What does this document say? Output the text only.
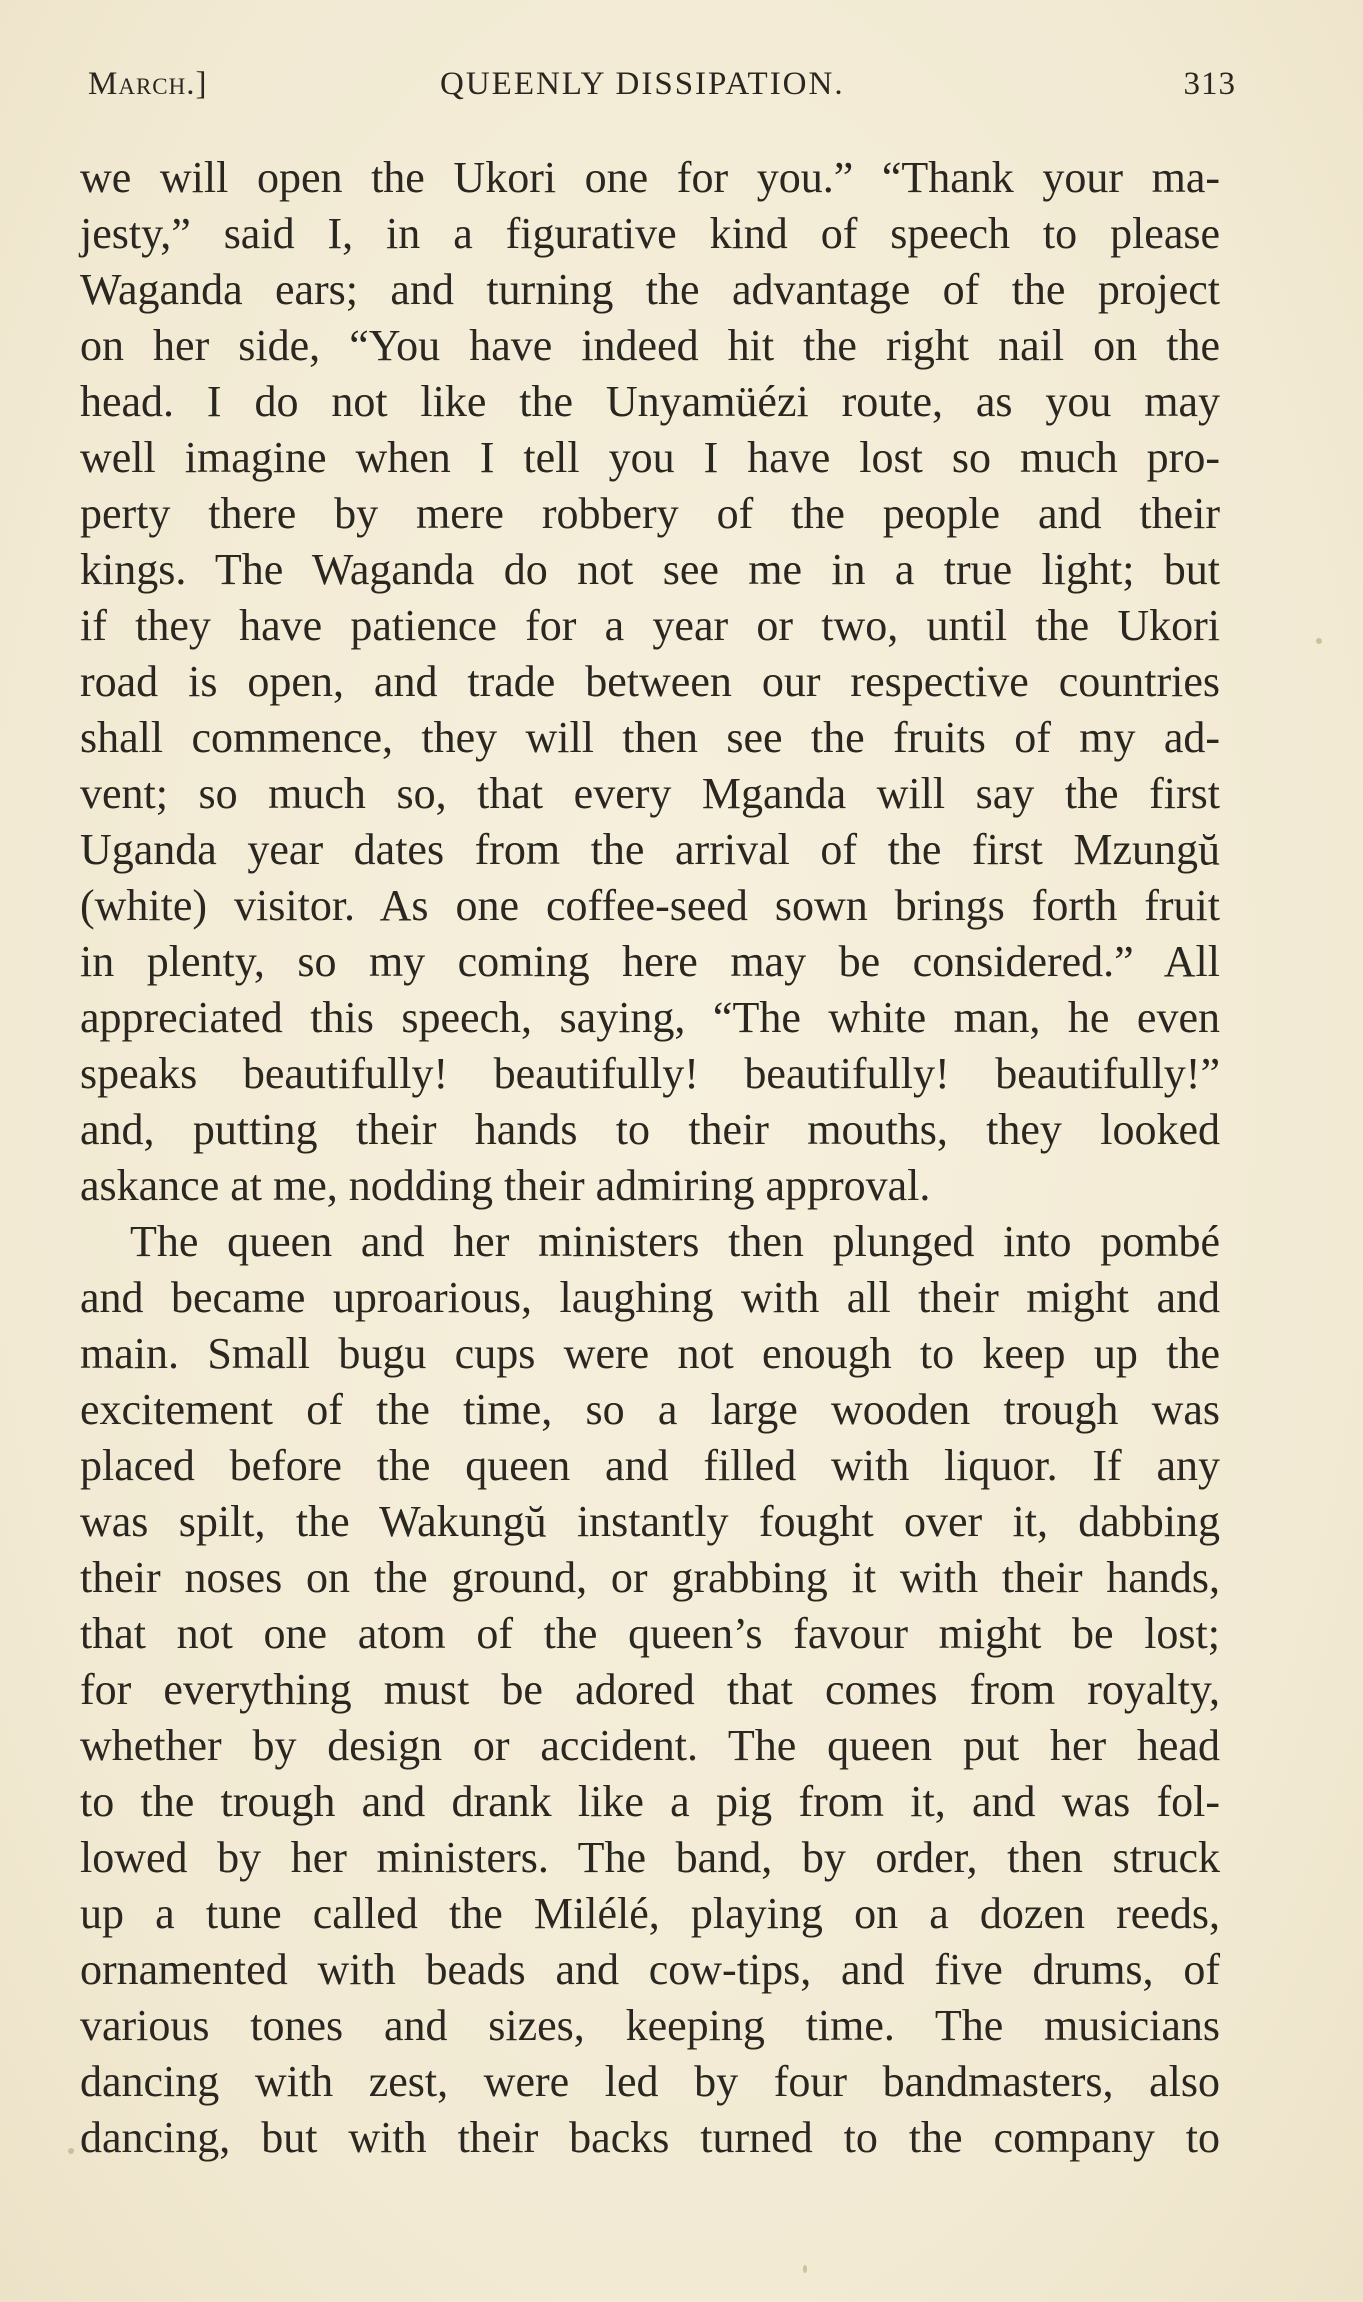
March.]	QUEENLY DISSIPATION.	313
we will open the Ukori one for you.” “Thank your ma-
jesty,” said I, in a figurative kind of speech to please
Waganda ears; and turning the advantage of the project
on her side, “You have indeed hit the right nail on the
head. I do not like the Unyamüézi route, as you may
well imagine when I tell you I have lost so much pro-
perty there by mere robbery of the people and their
kings. The Waganda do not see me in a true light; but
if they have patience for a year or two, until the Ukori
road is open, and trade between our respective countries
shall commence, they will then see the fruits of my ad-
vent; so much so, that every Mganda will say the first
Uganda year dates from the arrival of the first Mzungŭ
(white) visitor. As one coffee-seed sown brings forth fruit
in plenty, so my coming here may be considered.” All
appreciated this speech, saying, “The white man, he even
speaks beautifully! beautifully! beautifully! beautifully!”
and, putting their hands to their mouths, they looked
askance at me, nodding their admiring approval.
The queen and her ministers then plunged into pombé
and became uproarious, laughing with all their might and
main. Small bugu cups were not enough to keep up the
excitement of the time, so a large wooden trough was
placed before the queen and filled with liquor. If any
was spilt, the Wakungŭ instantly fought over it, dabbing
their noses on the ground, or grabbing it with their hands,
that not one atom of the queen’s favour might be lost;
for everything must be adored that comes from royalty,
whether by design or accident. The queen put her head
to the trough and drank like a pig from it, and was fol-
lowed by her ministers. The band, by order, then struck
up a tune called the Milélé, playing on a dozen reeds,
ornamented with beads and cow-tips, and five drums, of
various tones and sizes, keeping time. The musicians
dancing with zest, were led by four bandmasters, also
dancing, but with their backs turned to the company to
